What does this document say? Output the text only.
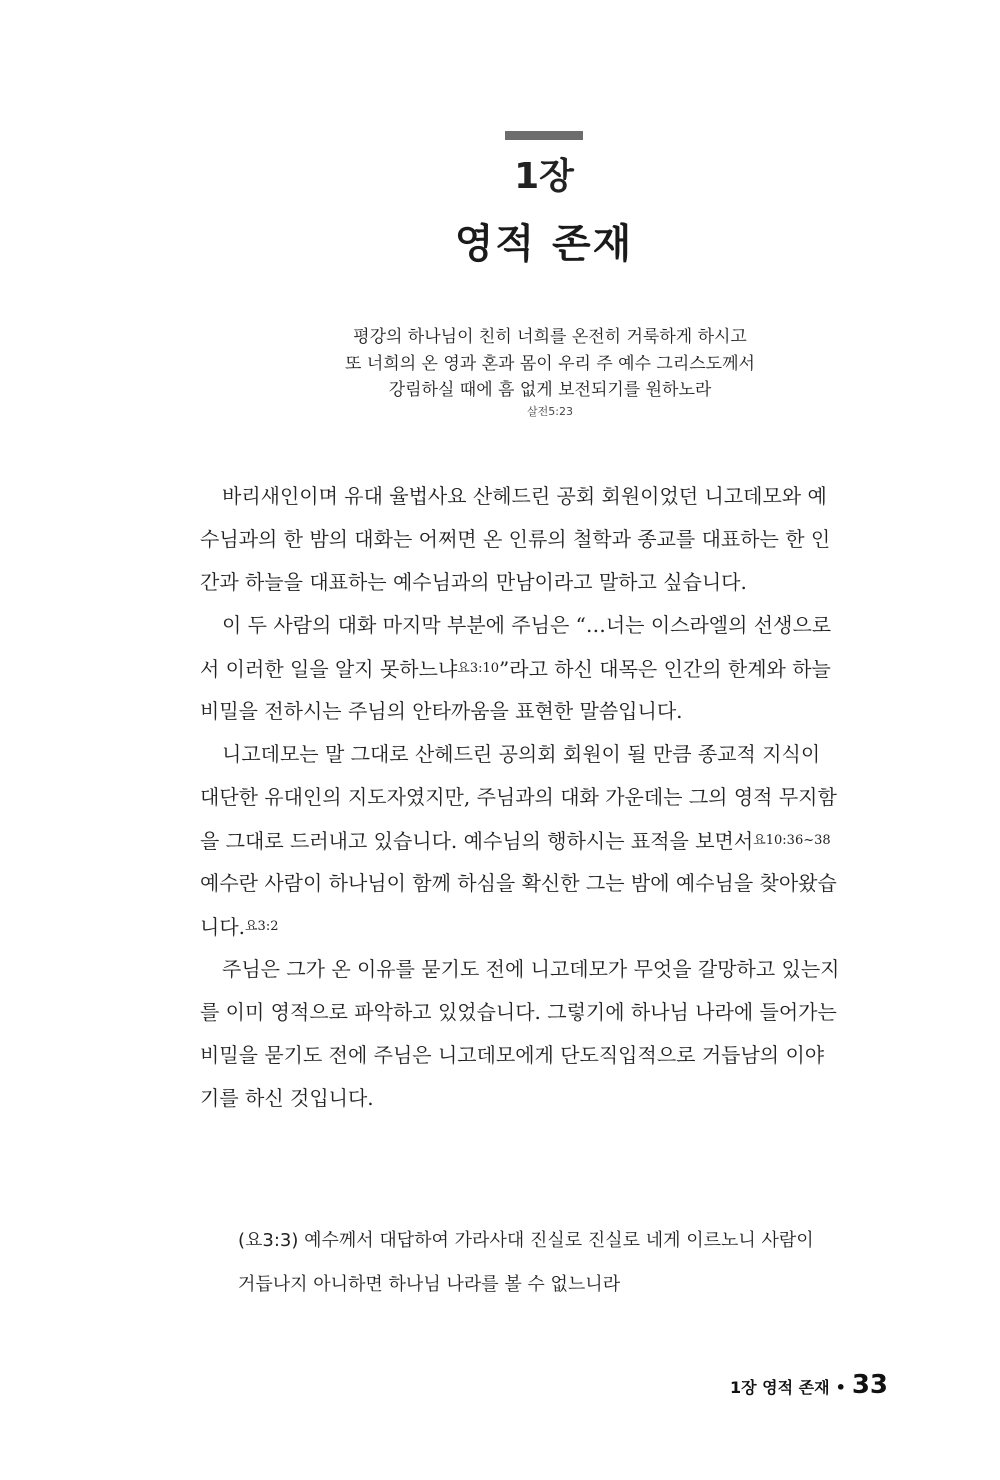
1장
영적 존재
평강의 하나님이 친히 너희를 온전히 거룩하게 하시고
또 너희의 온 영과 혼과 몸이 우리 주 예수 그리스도께서
강림하실 때에 흠 없게 보전되기를 원하노라
살전5:23
바리새인이며 유대 율법사요 산헤드린 공회 회원이었던 니고데모와 예
수님과의 한 밤의 대화는 어쩌면 온 인류의 철학과 종교를 대표하는 한 인
간과 하늘을 대표하는 예수님과의 만남이라고 말하고 싶습니다.
이 두 사람의 대화 마지막 부분에 주님은 “…너는 이스라엘의 선생으로
서 이러한 일을 알지 못하느냐$^{요3:10}$”라고 하신 대목은 인간의 한계와 하늘
비밀을 전하시는 주님의 안타까움을 표현한 말씀입니다.
니고데모는 말 그대로 산헤드린 공의회 회원이 될 만큼 종교적 지식이
대단한 유대인의 지도자였지만, 주님과의 대화 가운데는 그의 영적 무지함
을 그대로 드러내고 있습니다. 예수님의 행하시는 표적을 보면서$^{요10:36\sim 38}$
예수란 사람이 하나님이 함께 하심을 확신한 그는 밤에 예수님을 찾아왔습
니다.$^{요3:2}$
주님은 그가 온 이유를 묻기도 전에 니고데모가 무엇을 갈망하고 있는지
를 이미 영적으로 파악하고 있었습니다. 그렇기에 하나님 나라에 들어가는
비밀을 묻기도 전에 주님은 니고데모에게 단도직입적으로 거듭남의 이야
기를 하신 것입니다.
(요3:3) 예수께서 대답하여 가라사대 진실로 진실로 네게 이르노니 사람이
거듭나지 아니하면 하나님 나라를 볼 수 없느니라
1장 영적 존재 • 33
